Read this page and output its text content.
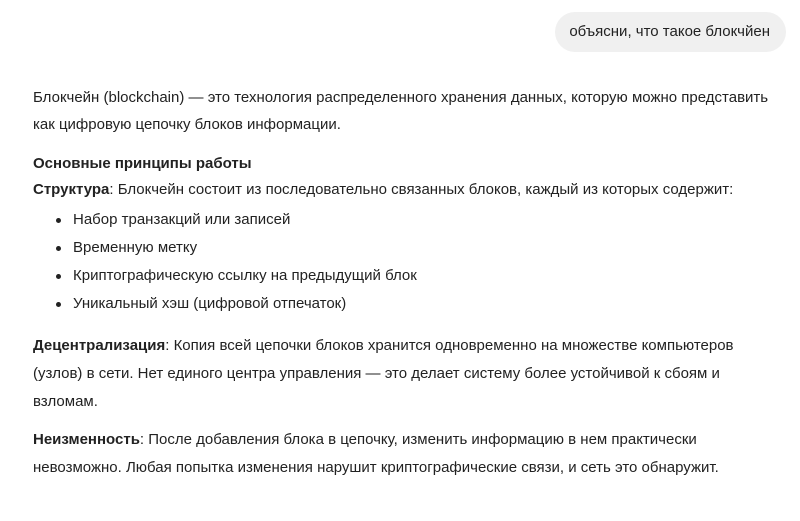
объясни, что такое блокчйен

Блокчейн (blockchain) — это технология распределенного хранения данных, которую можно представить как цифровую цепочку блоков информации.

Основные принципы работы

Структура: Блокчейн состоит из последовательно связанных блоков, каждый из которых содержит:

Набор транзакций или записей
Временную метку
Криптографическую ссылку на предыдущий блок
Уникальный хэш (цифровой отпечаток)

Децентрализация: Копия всей цепочки блоков хранится одновременно на множестве компьютеров (узлов) в сети. Нет единого центра управления — это делает систему более устойчивой к сбоям и взломам.

Неизменность: После добавления блока в цепочку, изменить информацию в нем практически невозможно. Любая попытка изменения нарушит криптографические связи, и сеть это обнаружит.
